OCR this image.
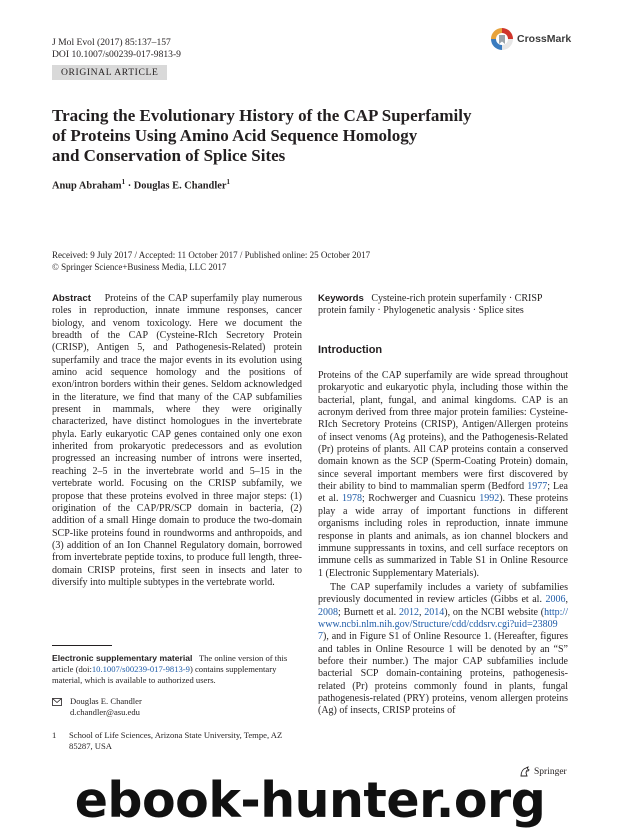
J Mol Evol (2017) 85:137–157
DOI 10.1007/s00239-017-9813-9
CrossMark
ORIGINAL ARTICLE
Tracing the Evolutionary History of the CAP Superfamily
of Proteins Using Amino Acid Sequence Homology
and Conservation of Splice Sites
Anup Abraham$^1$ · Douglas E. Chandler$^1$
Received: 9 July 2017 / Accepted: 11 October 2017 / Published online: 25 October 2017
© Springer Science+Business Media, LLC 2017

Abstract Proteins of the CAP superfamily play numerous roles in reproduction, innate immune responses, cancer biology, and venom toxicology. Here we document the breadth of the CAP (Cysteine-RIch Secretory Protein (CRISP), Antigen 5, and Pathogenesis-Related) protein superfamily and trace the major events in its evolution using amino acid sequence homology and the positions of exon/intron borders within their genes. Seldom acknowledged in the literature, we find that many of the CAP subfamilies present in mammals, where they were originally characterized, have distinct homologues in the invertebrate phyla. Early eukaryotic CAP genes contained only one exon inherited from prokaryotic predecessors and as evolution progressed an increasing number of introns were inserted, reaching 2–5 in the invertebrate world and 5–15 in the vertebrate world. Focusing on the CRISP subfamily, we propose that these proteins evolved in three major steps: (1) origination of the CAP/PR/SCP domain in bacteria, (2) addition of a small Hinge domain to produce the two-domain SCP-like proteins found in roundworms and anthropoids, and (3) addition of an Ion Channel Regulatory domain, borrowed from invertebrate peptide toxins, to produce full length, three-domain CRISP proteins, first seen in insects and later to diversify into multiple subtypes in the vertebrate world.

Electronic supplementary material The online version of this article (doi:10.1007/s00239-017-9813-9) contains supplementary material, which is available to authorized users.
Douglas E. Chandler
d.chandler@asu.edu
1	School of Life Sciences, Arizona State University, Tempe, AZ 85287, USA

Keywords Cysteine-rich protein superfamily · CRISP protein family · Phylogenetic analysis · Splice sites

Introduction

Proteins of the CAP superfamily are wide spread throughout prokaryotic and eukaryotic phyla, including those within the bacterial, plant, fungal, and animal kingdoms. CAP is an acronym derived from three major protein families: Cysteine-RIch Secretory Proteins (CRISP), Antigen/Allergen proteins of insect venoms (Ag proteins), and the Pathogenesis-Related (Pr) proteins of plants. All CAP proteins contain a conserved domain known as the SCP (Sperm-Coating Protein) domain, since several important members were first discovered by their ability to bind to mammalian sperm (Bedford 1977; Lea et al. 1978; Rochwerger and Cuasnicu 1992). These proteins play a wide array of important functions in different organisms including roles in reproduction, innate immune response in plants and animals, as ion channel blockers and immune suppressants in toxins, and cell surface receptors on immune cells as summarized in Table S1 in Online Resource 1 (Electronic Supplementary Materials).

The CAP superfamily includes a variety of subfamilies previously documented in review articles (Gibbs et al. 2006, 2008; Burnett et al. 2012, 2014), on the NCBI website (http://www.ncbi.nlm.nih.gov/Structure/cdd/cddsrv.cgi?uid=238097), and in Figure S1 of Online Resource 1. (Hereafter, figures and tables in Online Resource 1 will be denoted by an “S” before their number.) The major CAP subfamilies include bacterial SCP domain-containing proteins, pathogenesis-related (Pr) proteins commonly found in plants, fungal pathogenesis-related (PRY) proteins, venom allergen proteins (Ag) of insects, CRISP proteins of

Springer
ebook-hunter.org
